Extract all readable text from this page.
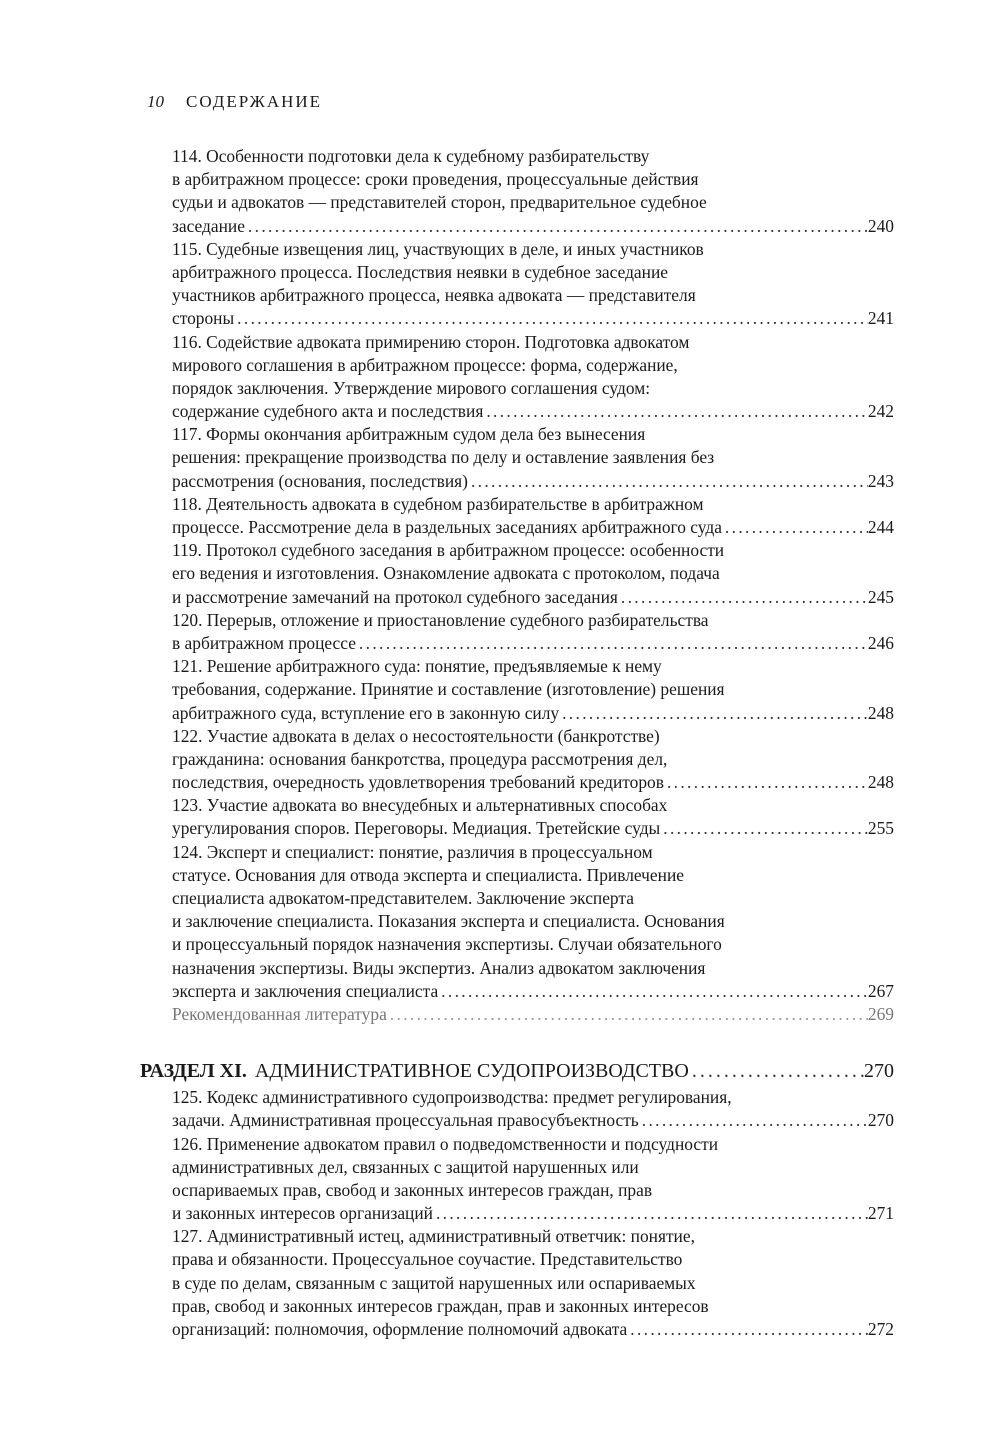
10 СОДЕРЖАНИЕ
114. Особенности подготовки дела к судебному разбирательству
в арбитражном процессе: сроки проведения, процессуальные действия
судьи и адвокатов — представителей сторон, предварительное судебное
заседание . . .	240
115. Судебные извещения лиц, участвующих в деле, и иных участников
арбитражного процесса. Последствия неявки в судебное заседание
участников арбитражного процесса, неявка адвоката — представителя
стороны . . .	241
116. Содействие адвоката примирению сторон. Подготовка адвокатом
мирового соглашения в арбитражном процессе: форма, содержание,
порядок заключения. Утверждение мирового соглашения судом:
содержание судебного акта и последствия . . .	242
117. Формы окончания арбитражным судом дела без вынесения
решения: прекращение производства по делу и оставление заявления без
рассмотрения (основания, последствия) . . .	243
118. Деятельность адвоката в судебном разбирательстве в арбитражном
процессе. Рассмотрение дела в раздельных заседаниях арбитражного суда . . .	244
119. Протокол судебного заседания в арбитражном процессе: особенности
его ведения и изготовления. Ознакомление адвоката с протоколом, подача
и рассмотрение замечаний на протокол судебного заседания . . .	245
120. Перерыв, отложение и приостановление судебного разбирательства
в арбитражном процессе . . .	246
121. Решение арбитражного суда: понятие, предъявляемые к нему
требования, содержание. Принятие и составление (изготовление) решения
арбитражного суда, вступление его в законную силу . . .	248
122. Участие адвоката в делах о несостоятельности (банкротстве)
гражданина: основания банкротства, процедура рассмотрения дел,
последствия, очередность удовлетворения требований кредиторов . . .	248
123. Участие адвоката во внесудебных и альтернативных способах
урегулирования споров. Переговоры. Медиация. Третейские суды . . .	255
124. Эксперт и специалист: понятие, различия в процессуальном
статусе. Основания для отвода эксперта и специалиста. Привлечение
специалиста адвокатом-представителем. Заключение эксперта
и заключение специалиста. Показания эксперта и специалиста. Основания
и процессуальный порядок назначения экспертизы. Случаи обязательного
назначения экспертизы. Виды экспертиз. Анализ адвокатом заключения
эксперта и заключения специалиста . . .	267
Рекомендованная литература . . .	269
РАЗДЕЛ XI. АДМИНИСТРАТИВНОЕ СУДОПРОИЗВОДСТВО . . .	270
125. Кодекс административного судопроизводства: предмет регулирования,
задачи. Административная процессуальная правосубъектность . . .	270
126. Применение адвокатом правил о подведомственности и подсудности
административных дел, связанных с защитой нарушенных или
оспариваемых прав, свобод и законных интересов граждан, прав
и законных интересов организаций . . .	271
127. Административный истец, административный ответчик: понятие,
права и обязанности. Процессуальное соучастие. Представительство
в суде по делам, связанным с защитой нарушенных или оспариваемых
прав, свобод и законных интересов граждан, прав и законных интересов
организаций: полномочия, оформление полномочий адвоката . . .	272
